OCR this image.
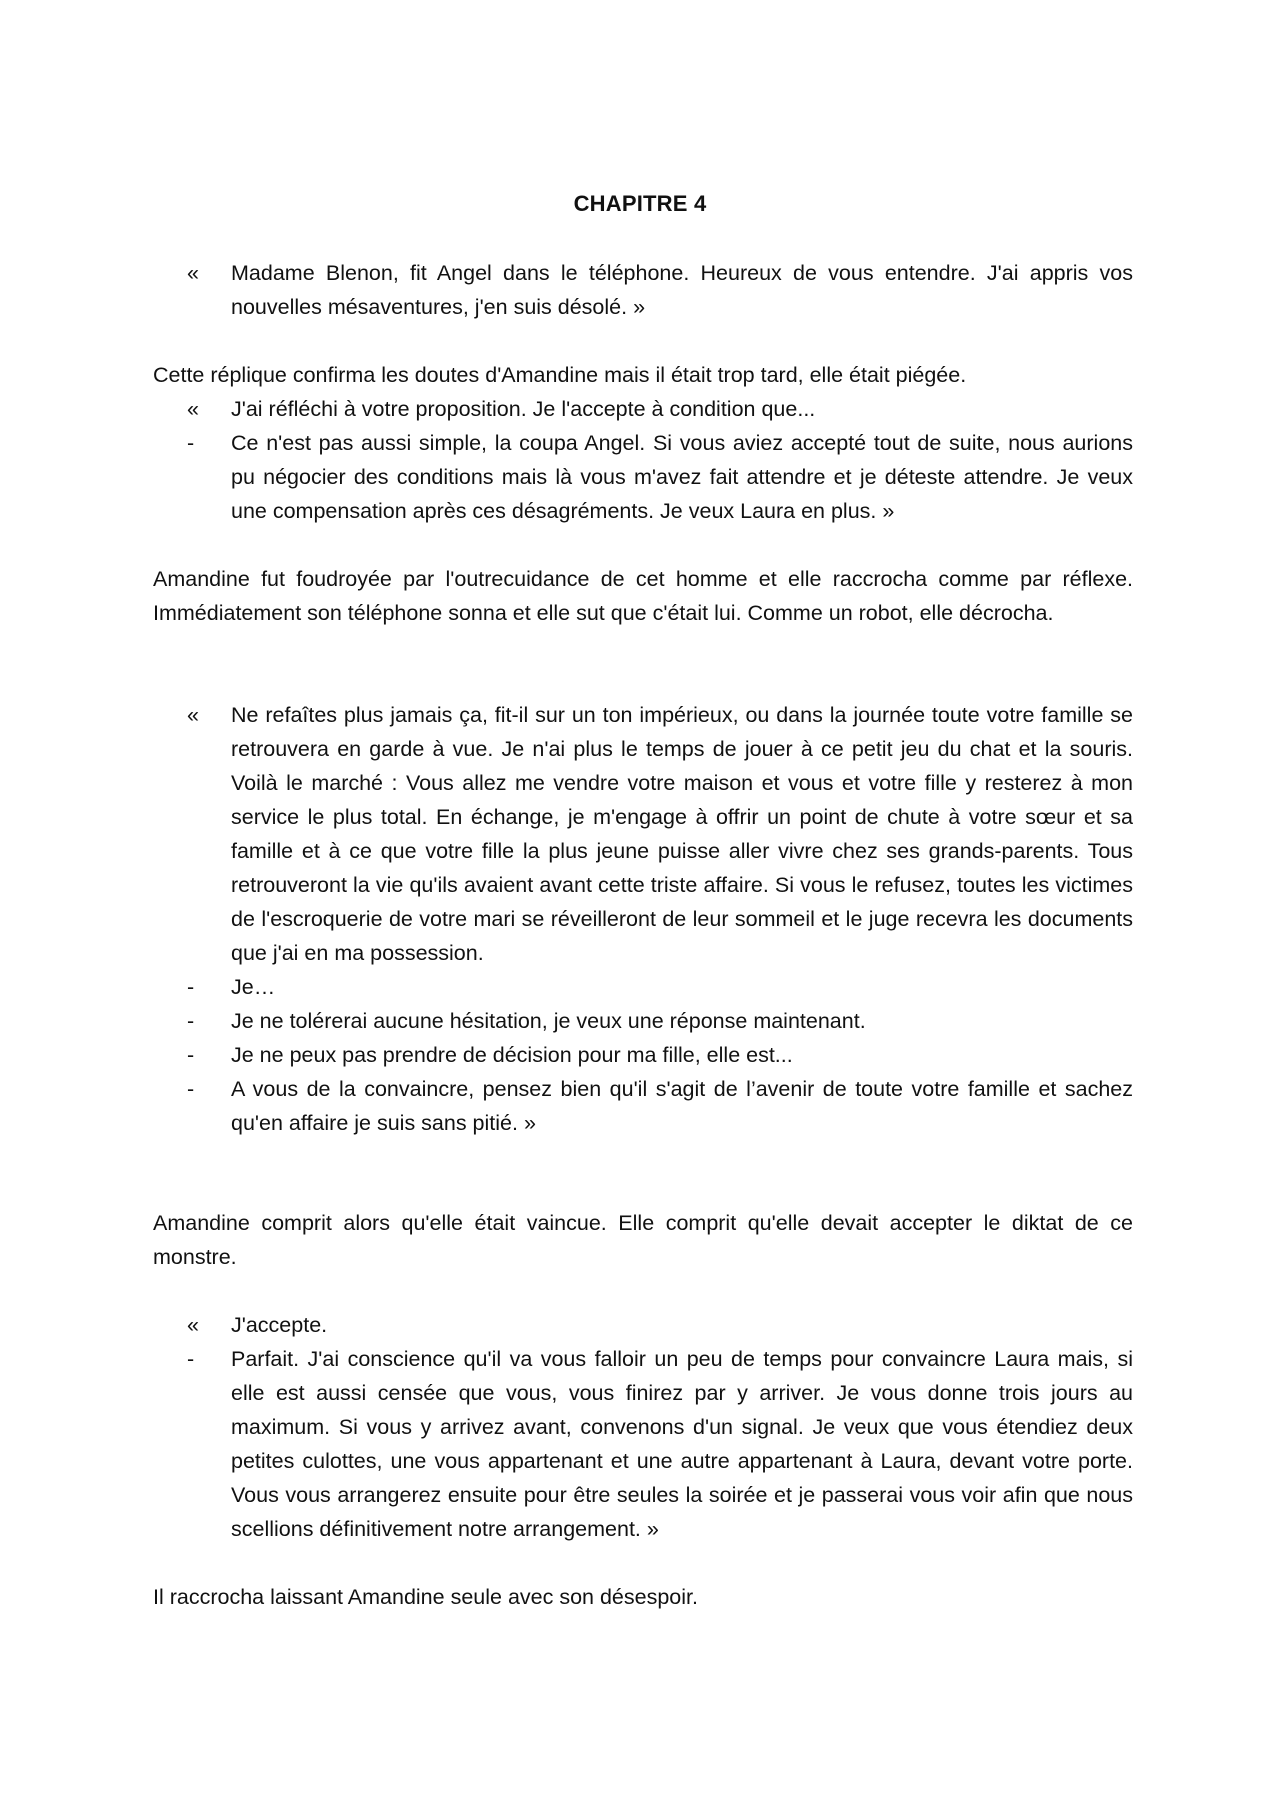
CHAPITRE 4
«	Madame Blenon, fit Angel dans le téléphone. Heureux de vous entendre. J'ai appris vos nouvelles mésaventures, j'en suis désolé. »
Cette réplique confirma les doutes d'Amandine mais il était trop tard, elle était piégée.
«	J'ai réfléchi à votre proposition. Je l'accepte à condition que...
-	Ce n'est pas aussi simple, la coupa Angel. Si vous aviez accepté tout de suite, nous aurions pu négocier des conditions mais là vous m'avez fait attendre et je déteste attendre. Je veux une compensation après ces désagréments. Je veux Laura en plus. »
Amandine fut foudroyée par l'outrecuidance de cet homme et elle raccrocha comme par réflexe. Immédiatement son téléphone sonna et elle sut que c'était lui. Comme un robot, elle décrocha.
«	Ne refaîtes plus jamais ça, fit-il sur un ton impérieux, ou dans la journée toute votre famille se retrouvera en garde à vue. Je n'ai plus le temps de jouer à ce petit jeu du chat et la souris. Voilà le marché : Vous allez me vendre votre maison et vous et votre fille y resterez à mon service le plus total. En échange, je m'engage à offrir un point de chute à votre sœur et sa famille et à ce que votre fille la plus jeune puisse aller vivre chez ses grands-parents. Tous retrouveront la vie qu'ils avaient avant cette triste affaire. Si vous le refusez, toutes les victimes de l'escroquerie de votre mari se réveilleront de leur sommeil et le juge recevra les documents que j'ai en ma possession.
-	Je…
-	Je ne tolérerai aucune hésitation, je veux une réponse maintenant.
-	Je ne peux pas prendre de décision pour ma fille, elle est...
-	A vous de la convaincre, pensez bien qu'il s'agit de l’avenir de toute votre famille et sachez qu'en affaire je suis sans pitié. »
Amandine comprit alors qu'elle était vaincue. Elle comprit qu'elle devait accepter le diktat de ce monstre.
«	J'accepte.
-	Parfait. J'ai conscience qu'il va vous falloir un peu de temps pour convaincre Laura mais, si elle est aussi censée que vous, vous finirez par y arriver. Je vous donne trois jours au maximum. Si vous y arrivez avant, convenons d'un signal. Je veux que vous étendiez deux petites culottes, une vous appartenant et une autre appartenant à Laura, devant votre porte. Vous vous arrangerez ensuite pour être seules la soirée et je passerai vous voir afin que nous scellions définitivement notre arrangement. »
Il raccrocha laissant Amandine seule avec son désespoir.
